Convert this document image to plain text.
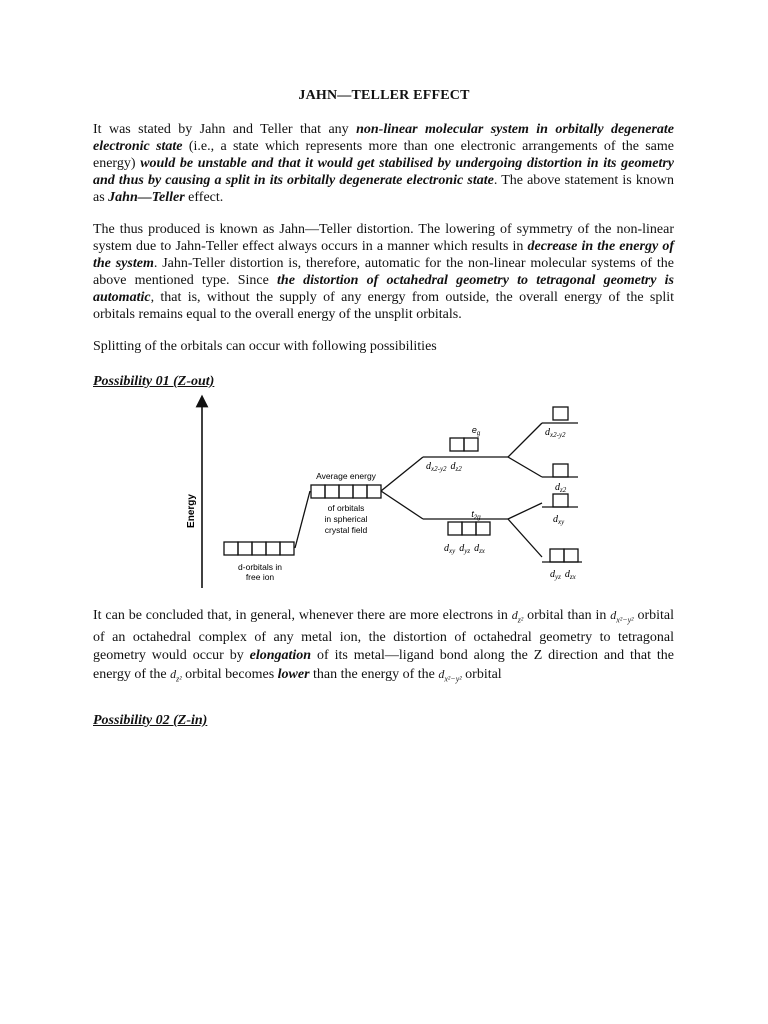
JAHN—TELLER EFFECT

It was stated by Jahn and Teller that any non-linear molecular system in orbitally degenerate electronic state (i.e., a state which represents more than one electronic arrangements of the same energy) would be unstable and that it would get stabilised by undergoing distortion in its geometry and thus by causing a split in its orbitally degenerate electronic state. The above statement is known as Jahn—Teller effect.

The thus produced is known as Jahn—Teller distortion. The lowering of symmetry of the non-linear system due to Jahn-Teller effect always occurs in a manner which results in decrease in the energy of the system. Jahn-Teller distortion is, therefore, automatic for the non-linear molecular systems of the above mentioned type. Since the distortion of octahedral geometry to tetragonal geometry is automatic, that is, without the supply of any energy from outside, the overall energy of the split orbitals remains equal to the overall energy of the unsplit orbitals.

Splitting of the orbitals can occur with following possibilities

Possibility 01 (Z-out)
Energy
d-orbitals in
free ion
Average energy
of orbitals
in spherical
crystal field
$e_g$
$d_{x2-y2}$ $d_{z2}$
$t_{2g}$
$d_{xy}$ $d_{yz}$ $d_{zx}$
$d_{x2-y2}$
$d_{z2}$
$d_{xy}$
$d_{yz}$ $d_{zx}$

It can be concluded that, in general, whenever there are more electrons in $d_{z^2}$ orbital than in $d_{x^2-y^2}$ orbital of an octahedral complex of any metal ion, the distortion of octahedral geometry to tetragonal geometry would occur by elongation of its metal—ligand bond along the Z direction and that the energy of the $d_{z^2}$ orbital becomes lower than the energy of the $d_{x^2-y^2}$ orbital

Possibility 02 (Z-in)
